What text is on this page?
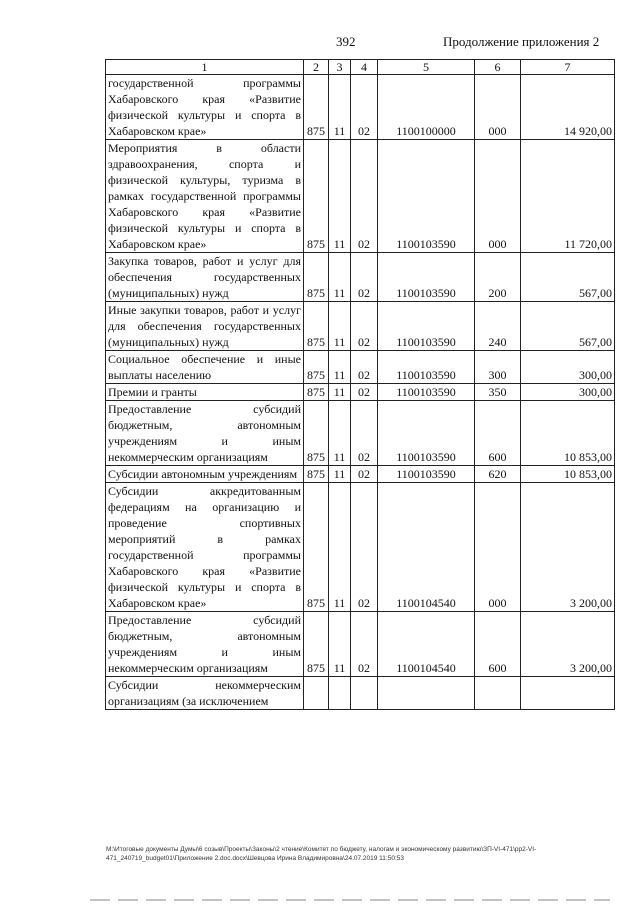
392	Продолжение приложения 2
1	2	3	4	5	6	7
государственной программы Хабаровского края «Развитие физической культуры и спорта в Хабаровском крае»	875	11	02	1100100000	000	14 920,00
Мероприятия в области здравоохранения, спорта и физической культуры, туризма в рамках государственной программы Хабаровского края «Развитие физической культуры и спорта в Хабаровском крае»	875	11	02	1100103590	000	11 720,00
Закупка товаров, работ и услуг для обеспечения государственных (муниципальных) нужд	875	11	02	1100103590	200	567,00
Иные закупки товаров, работ и услуг для обеспечения государственных (муниципальных) нужд	875	11	02	1100103590	240	567,00
Социальное обеспечение и иные выплаты населению	875	11	02	1100103590	300	300,00
Премии и гранты	875	11	02	1100103590	350	300,00
Предоставление субсидий бюджетным, автономным учреждениям и иным некоммерческим организациям	875	11	02	1100103590	600	10 853,00
Субсидии автономным учреждениям	875	11	02	1100103590	620	10 853,00
Субсидии аккредитованным федерациям на организацию и проведение спортивных мероприятий в рамках государственной программы Хабаровского края «Развитие физической культуры и спорта в Хабаровском крае»	875	11	02	1100104540	000	3 200,00
Предоставление субсидий бюджетным, автономным учреждениям и иным некоммерческим организациям	875	11	02	1100104540	600	3 200,00
Субсидии некоммерческим организациям (за исключением						
M:\Итоговые документы Думы\6 созыв\Проекты\Законы\2 чтение\Комитет по бюджету, налогам и экономическому развитию\ЗП-VI-471\рр2-VI-471_240719_budget01\Приложение 2.doc.docx\Шевцова Ирина Владимировна\24.07.2019 11:50:53
